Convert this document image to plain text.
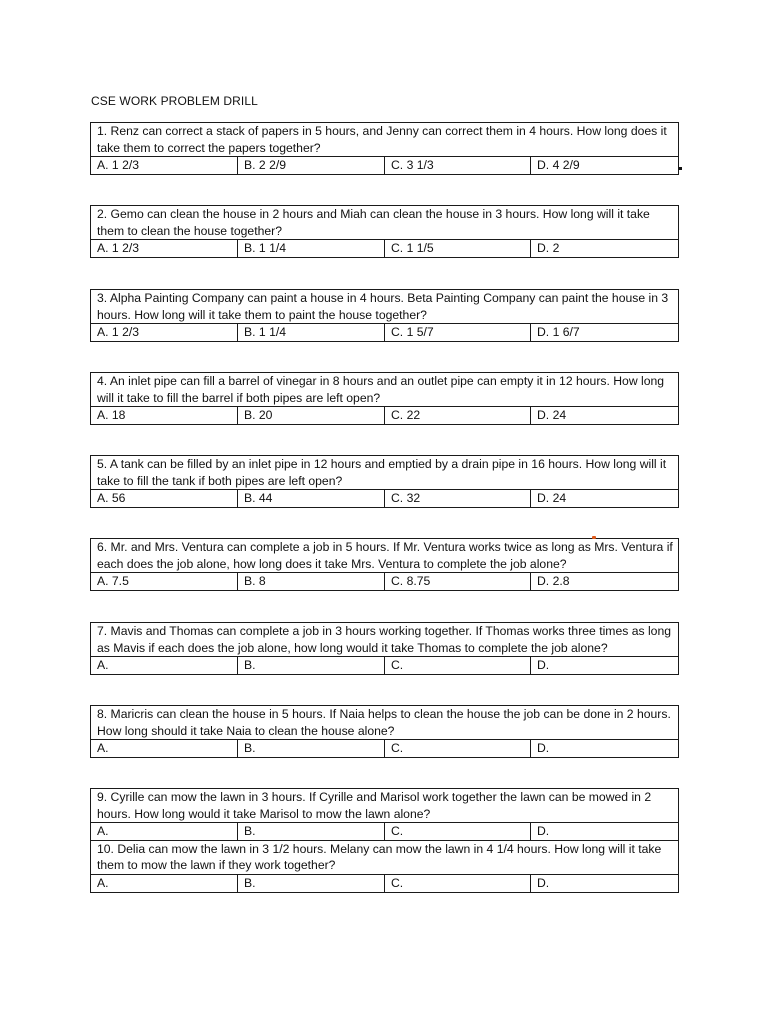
CSE WORK PROBLEM DRILL
1. Renz can correct a stack of papers in 5 hours, and Jenny can correct them in 4 hours. How long does it take them to correct the papers together?
A. 1 2/3	B. 2 2/9	C. 3 1/3	D. 4 2/9
2. Gemo can clean the house in 2 hours and Miah can clean the house in 3 hours. How long will it take them to clean the house together?
A. 1 2/3	B. 1 1/4	C. 1 1/5	D. 2
3. Alpha Painting Company can paint a house in 4 hours. Beta Painting Company can paint the house in 3 hours. How long will it take them to paint the house together?
A. 1 2/3	B. 1 1/4	C. 1 5/7	D. 1 6/7
4. An inlet pipe can fill a barrel of vinegar in 8 hours and an outlet pipe can empty it in 12 hours. How long will it take to fill the barrel if both pipes are left open?
A. 18	B. 20	C. 22	D. 24
5. A tank can be filled by an inlet pipe in 12 hours and emptied by a drain pipe in 16 hours. How long will it take to fill the tank if both pipes are left open?
A. 56	B. 44	C. 32	D. 24
6. Mr. and Mrs. Ventura can complete a job in 5 hours. If Mr. Ventura works twice as long as Mrs. Ventura if each does the job alone, how long does it take Mrs. Ventura to complete the job alone?
A. 7.5	B. 8	C. 8.75	D. 2.8
7. Mavis and Thomas can complete a job in 3 hours working together. If Thomas works three times as long as Mavis if each does the job alone, how long would it take Thomas to complete the job alone?
A.	B.	C.	D.
8. Maricris can clean the house in 5 hours. If Naia helps to clean the house the job can be done in 2 hours. How long should it take Naia to clean the house alone?
A.	B.	C.	D.
9. Cyrille can mow the lawn in 3 hours. If Cyrille and Marisol work together the lawn can be mowed in 2 hours. How long would it take Marisol to mow the lawn alone?			
A.	B.	C.	D.
10. Delia can mow the lawn in 3 1/2 hours. Melany can mow the lawn in 4 1/4 hours. How long will it take them to mow the lawn if they work together?			
A.	B.	C.	D.
